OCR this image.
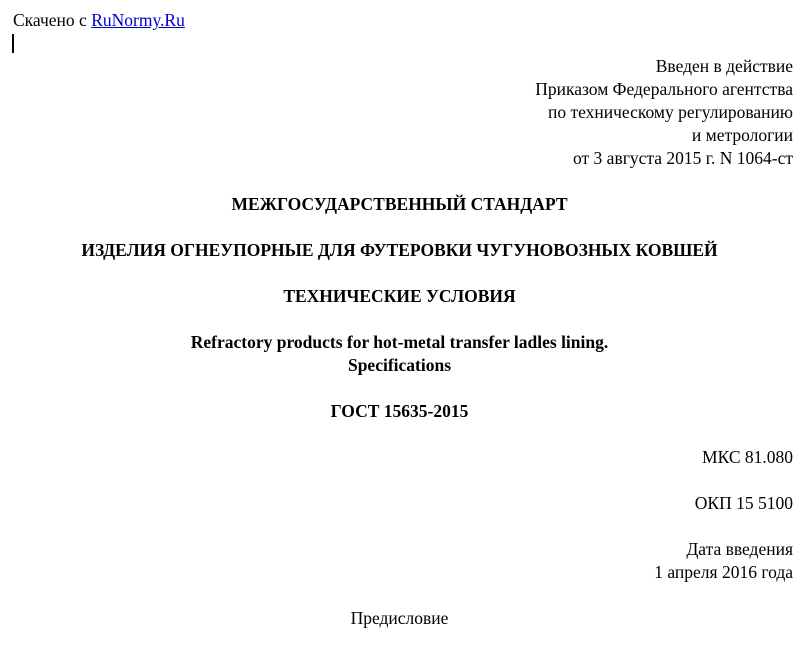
Скачено с RuNormy.Ru
Введен в действие
Приказом Федерального агентства
по техническому регулированию
и метрологии
от 3 августа 2015 г. N 1064-ст
МЕЖГОСУДАРСТВЕННЫЙ СТАНДАРТ
ИЗДЕЛИЯ ОГНЕУПОРНЫЕ ДЛЯ ФУТЕРОВКИ ЧУГУНОВОЗНЫХ КОВШЕЙ
ТЕХНИЧЕСКИЕ УСЛОВИЯ
Refractory products for hot-metal transfer ladles lining.
Specifications
ГОСТ 15635-2015
МКС 81.080
ОКП 15 5100
Дата введения
1 апреля 2016 года
Предисловие
